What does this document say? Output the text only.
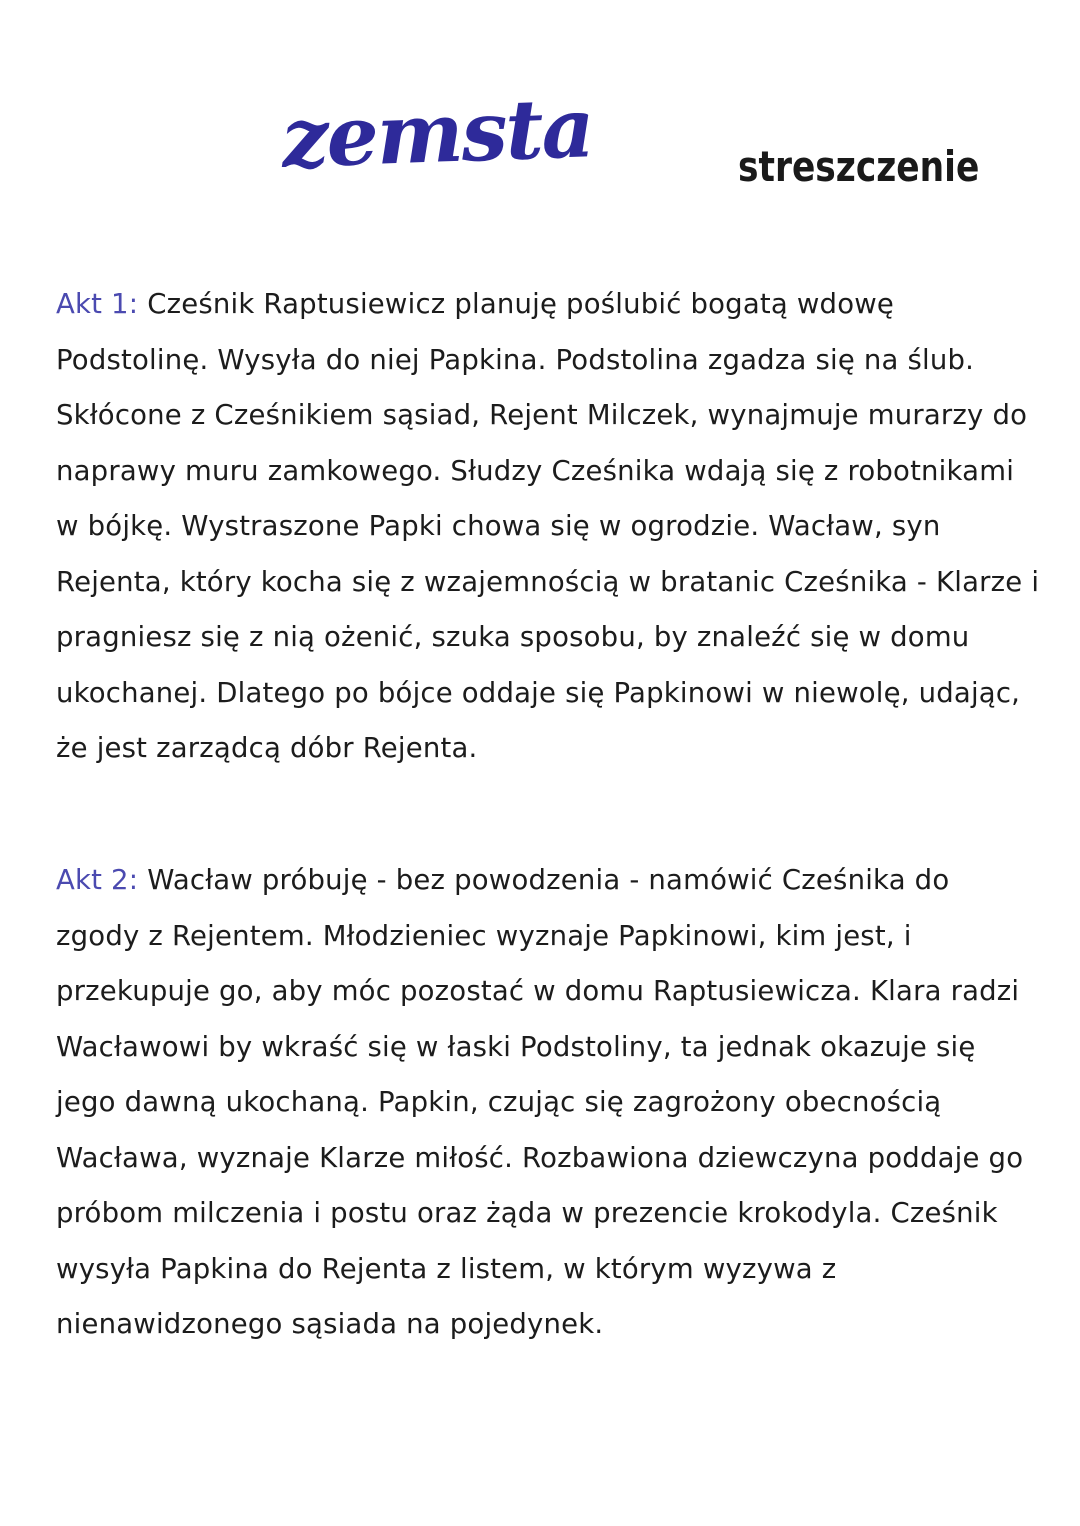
zemsta	streszczenie

Akt 1: Cześnik Raptusiewicz planuję poślubić bogatą wdowę Podstolinę. Wysyła do niej Papkina. Podstolina zgadza się na ślub. Skłócone z Cześnikiem sąsiad, Rejent Milczek, wynajmuje murarzy do naprawy muru zamkowego. Słudzy Cześnika wdają się z robotnikami w bójkę. Wystraszone Papki chowa się w ogrodzie. Wacław, syn Rejenta, który kocha się z wzajemnością w bratanic Cześnika - Klarze i pragniesz się z nią ożenić, szuka sposobu, by znaleźć się w domu ukochanej. Dlatego po bójce oddaje się Papkinowi w niewolę, udając, że jest zarządcą dóbr Rejenta.

Akt 2: Wacław próbuję - bez powodzenia - namówić Cześnika do zgody z Rejentem. Młodzieniec wyznaje Papkinowi, kim jest, i przekupuje go, aby móc pozostać w domu Raptusiewicza. Klara radzi Wacławowi by wkraść się w łaski Podstoliny, ta jednak okazuje się jego dawną ukochaną. Papkin, czując się zagrożony obecnością Wacława, wyznaje Klarze miłość. Rozbawiona dziewczyna poddaje go próbom milczenia i postu oraz żąda w prezencie krokodyla. Cześnik wysyła Papkina do Rejenta z listem, w którym wyzywa z nienawidzonego sąsiada na pojedynek.
